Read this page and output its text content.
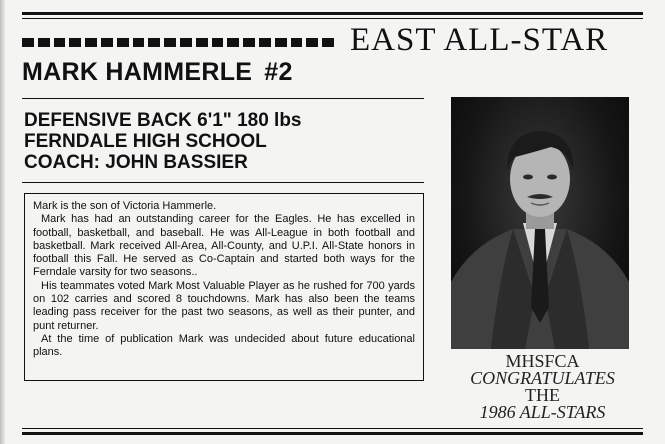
EAST ALL-STAR
MARK HAMMERLE #2
DEFENSIVE BACK 6'1" 180 lbs
FERNDALE HIGH SCHOOL
COACH: JOHN BASSIER

Mark is the son of Victoria Hammerle.

Mark has had an outstanding career for the Eagles. He has excelled in football, basketball, and baseball. He was All-League in both football and basketball. Mark received All-Area, All-County, and U.P.I. All-State honors in football this Fall. He served as Co-Captain and started both ways for the Ferndale varsity for two seasons..

His teammates voted Mark Most Valuable Player as he rushed for 700 yards on 102 carries and scored 8 touchdowns. Mark has also been the teams leading pass receiver for the past two seasons, as well as their punter, and punt returner.

At the time of publication Mark was undecided about future educational plans.	MHSFCA
CONGRATULATES
THE
1986 ALL-STARS
